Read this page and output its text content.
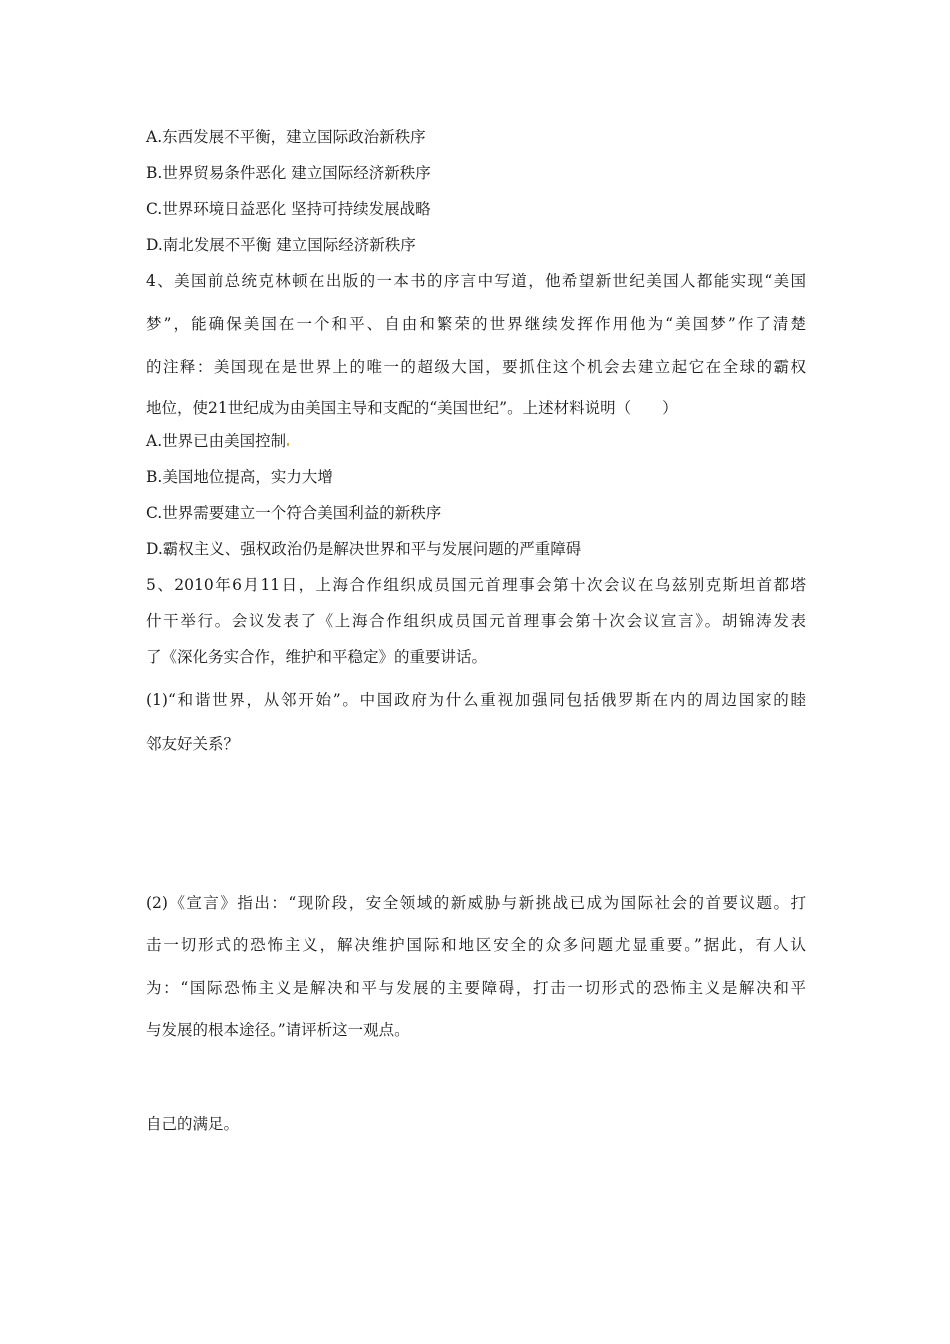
A.东西发展不平衡，建立国际政治新秩序
B.世界贸易条件恶化 建立国际经济新秩序
C.世界环境日益恶化 坚持可持续发展战略
D.南北发展不平衡 建立国际经济新秩序
4、美国前总统克林顿在出版的一本书的序言中写道，他希望新世纪美国人都能实现“美国
梦”，能确保美国在一个和平、自由和繁荣的世界继续发挥作用他为“美国梦”作了清楚
的注释：美国现在是世界上的唯一的超级大国，要抓住这个机会去建立起它在全球的霸权
地位，使21世纪成为由美国主导和支配的“美国世纪”。上述材料说明（　　）
A.世界已由美国控制
B.美国地位提高，实力大增
C.世界需要建立一个符合美国利益的新秩序
D.霸权主义、强权政治仍是解决世界和平与发展问题的严重障碍
5、2010年6月11日，上海合作组织成员国元首理事会第十次会议在乌兹别克斯坦首都塔
什干举行。会议发表了《上海合作组织成员国元首理事会第十次会议宣言》。胡锦涛发表
了《深化务实合作，维护和平稳定》的重要讲话。
(1)“和谐世界，从邻开始”。中国政府为什么重视加强同包括俄罗斯在内的周边国家的睦
邻友好关系？
(2)《宣言》指出：“现阶段，安全领域的新威胁与新挑战已成为国际社会的首要议题。打
击一切形式的恐怖主义，解决维护国际和地区安全的众多问题尤显重要。”据此，有人认
为：“国际恐怖主义是解决和平与发展的主要障碍，打击一切形式的恐怖主义是解决和平
与发展的根本途径。”请评析这一观点。
自己的满足。
